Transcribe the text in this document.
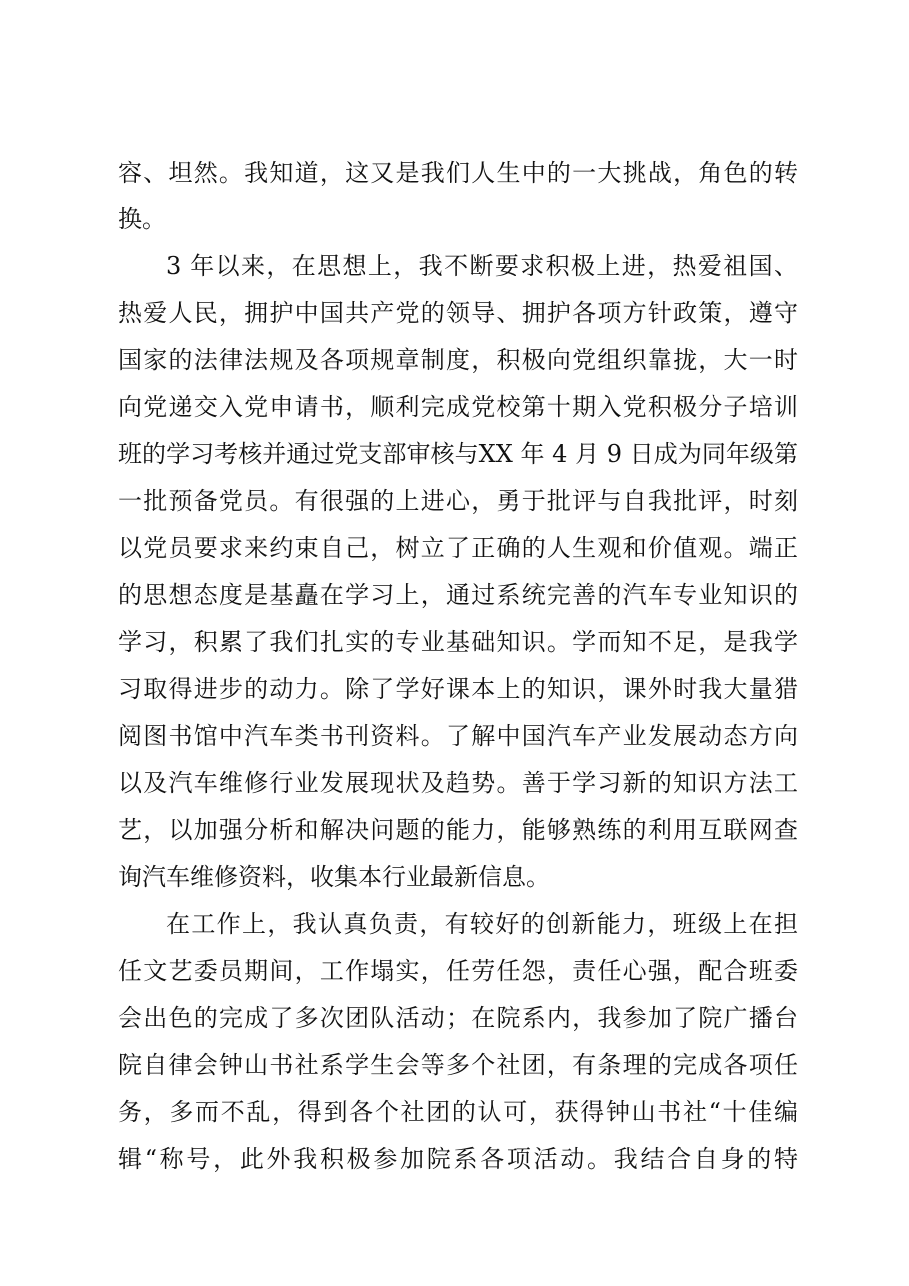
容、坦然。我知道，这又是我们人生中的一大挑战，角色的转
换。
3 年以来，在思想上，我不断要求积极上进，热爱祖国、
热爱人民，拥护中国共产党的领导、拥护各项方针政策，遵守
国家的法律法规及各项规章制度，积极向党组织靠拢，大一时
向党递交入党申请书，顺利完成党校第十期入党积极分子培训
班的学习考核并通过党支部审核与XX 年 4 月 9 日成为同年级第
一批预备党员。有很强的上进心，勇于批评与自我批评，时刻
以党员要求来约束自己，树立了正确的人生观和价值观。端正
的思想态度是基矗在学习上，通过系统完善的汽车专业知识的
学习，积累了我们扎实的专业基础知识。学而知不足，是我学
习取得进步的动力。除了学好课本上的知识，课外时我大量猎
阅图书馆中汽车类书刊资料。了解中国汽车产业发展动态方向
以及汽车维修行业发展现状及趋势。善于学习新的知识方法工
艺，以加强分析和解决问题的能力，能够熟练的利用互联网查
询汽车维修资料，收集本行业最新信息。
在工作上，我认真负责，有较好的创新能力，班级上在担
任文艺委员期间，工作塌实，任劳任怨，责任心强，配合班委
会出色的完成了多次团队活动；在院系内，我参加了院广播台
院自律会钟山书社系学生会等多个社团，有条理的完成各项任
务，多而不乱，得到各个社团的认可，获得钟山书社“十佳编
辑“称号，此外我积极参加院系各项活动。我结合自身的特
